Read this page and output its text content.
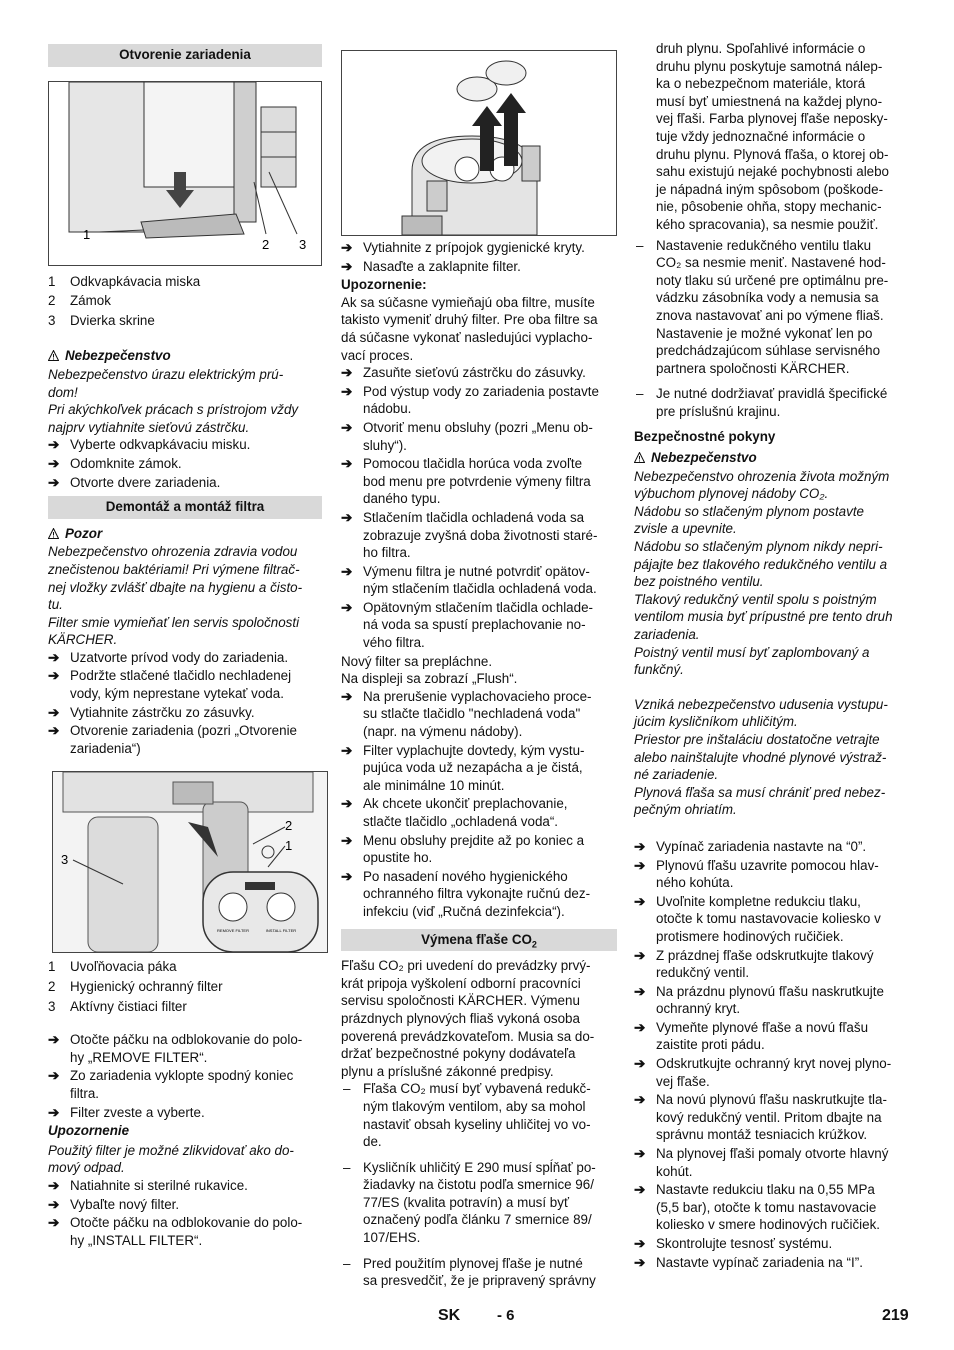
Otvorenie zariadenia
1
2 3
1 Odkvapkávacia miska
2 Zámok
3 Dvierka skrine
Nebezpečenstvo
Nebezpečenstvo úrazu elektrickým prú-
dom!
Pri akýchkoľvek prácach s prístrojom vždy
najprv vytiahnite sieťovú zástrčku.
➔ Vyberte odkvapkávaciu misku.
➔ Odomknite zámok.
➔ Otvorte dvere zariadenia.
Demontáž a montáž filtra
Pozor
Nebezpečenstvo ohrozenia zdravia vodou
znečistenou baktériami! Pri výmene filtrač-
nej vložky zvlášť dbajte na hygienu a čisto-
tu.
Filter smie vymieňať len servis spoločnosti
KÄRCHER.
➔ Uzatvorte prívod vody do zariadenia.
➔ Podržte stlačené tlačidlo nechladenej
vody, kým neprestane vytekať voda.
➔ Vytiahnite zástrčku zo zásuvky.
➔ Otvorenie zariadenia (pozri „Otvorenie
zariadenia“)
3
2
1
REMOVE FILTER	INSTALL FILTER
1 Uvoľňovacia páka
2 Hygienický ochranný filter
3 Aktívny čistiaci filter
➔ Otočte páčku na odblokovanie do polo-
hy „REMOVE FILTER“.
➔ Zo zariadenia vyklopte spodný koniec
filtra.
➔ Filter zveste a vyberte.
Upozornenie
Použitý filter je možné zlikvidovať ako do-
mový odpad.
➔ Natiahnite si sterilné rukavice.
➔ Vybaľte nový filter.
➔ Otočte páčku na odblokovanie do polo-
hy „INSTALL FILTER“.
➔ Vytiahnite z prípojok gygienické kryty.
➔ Nasaďte a zaklapnite filter.
Upozornenie:
Ak sa súčasne vymieňajú oba filtre, musíte
takisto vymeniť druhý filter. Pre oba filtre sa
dá súčasne vykonať nasledujúci vyplacho-
vací proces.
➔ Zasuňte sieťovú zástrčku do zásuvky.
➔ Pod výstup vody zo zariadenia postavte
nádobu.
➔ Otvoriť menu obsluhy (pozri „Menu ob-
sluhy“).
➔ Pomocou tlačidla horúca voda zvoľte
bod menu pre potvrdenie výmeny filtra
daného typu.
➔ Stlačením tlačidla ochladená voda sa
zobrazuje zvyšná doba životnosti staré-
ho filtra.
➔ Výmenu filtra je nutné potvrdiť opätov-
ným stlačením tlačidla ochladená voda.
➔ Opätovným stlačením tlačidla ochlade-
ná voda sa spustí preplachovanie no-
vého filtra.
Nový filter sa prepláchne.
Na displeji sa zobrazí „Flush“.
➔ Na prerušenie vyplachovacieho proce-
su stlačte tlačidlo "nechladená voda"
(napr. na výmenu nádoby).
➔ Filter vyplachujte dovtedy, kým vystu-
pujúca voda už nezapácha a je čistá,
ale minimálne 10 minút.
➔ Ak chcete ukončiť preplachovanie,
stlačte tlačidlo „ochladená voda“.
➔ Menu obsluhy prejdite až po koniec a
opustite ho.
➔ Po nasadení nového hygienického
ochranného filtra vykonajte ručnú dez-
infekciu (viď „Ručná dezinfekcia“).
Výmena fľaše $CO_2$
Fľašu CO₂ pri uvedení do prevádzky prvý-
krát pripoja vyškolení odborní pracovníci
servisu spoločnosti KÄRCHER. Výmenu
prázdnych plynových fliaš vykoná osoba
poverená prevádzkovateľom. Musia sa do-
držať bezpečnostné pokyny dodávateľa
plynu a príslušné zákonné predpisy.
– Fľaša CO₂ musí byť vybavená redukč-
ným tlakovým ventilom, aby sa mohol
nastaviť obsah kyseliny uhličitej vo vo-
de.
– Kysličník uhličitý E 290 musí spĺňať po-
žiadavky na čistotu podľa smernice 96/
77/ES (kvalita potravín) a musí byť
označený podľa článku 7 smernice 89/
107/EHS.
– Pred použitím plynovej fľaše je nutné
sa presvedčiť, že je pripravený správny
druh plynu. Spoľahlivé informácie o
druhu plynu poskytuje samotná nálep-
ka o nebezpečnom materiále, ktorá
musí byť umiestnená na každej plyno-
vej fľaši. Farba plynovej fľaše neposky-
tuje vždy jednoznačné informácie o
druhu plynu. Plynová fľaša, o ktorej ob-
sahu existujú nejaké pochybnosti alebo
je nápadná iným spôsobom (poškode-
nie, pôsobenie ohňa, stopy mechanic-
kého spracovania), sa nesmie použiť.
– Nastavenie redukčného ventilu tlaku
CO₂ sa nesmie meniť. Nastavené hod-
noty tlaku sú určené pre optimálnu pre-
vádzku zásobníka vody a nemusia sa
znova nastavovať ani po výmene fliaš.
Nastavenie je možné vykonať len po
predchádzajúcom súhlase servisného
partnera spoločnosti KÄRCHER.
– Je nutné dodržiavať pravidlá špecifické
pre príslušnú krajinu.
Bezpečnostné pokyny
Nebezpečenstvo
Nebezpečenstvo ohrozenia života možným
výbuchom plynovej nádoby CO₂.
Nádobu so stlačeným plynom postavte
zvisle a upevnite.
Nádobu so stlačeným plynom nikdy nepri-
pájajte bez tlakového redukčného ventilu a
bez poistného ventilu.
Tlakový redukčný ventil spolu s poistným
ventilom musia byť prípustné pre tento druh
zariadenia.
Poistný ventil musí byť zaplombovaný a
funkčný.
Vzniká nebezpečenstvo udusenia vystupu-
júcim kysličníkom uhličitým.
Priestor pre inštaláciu dostatočne vetrajte
alebo nainštalujte vhodné plynové výstraž-
né zariadenie.
Plynová fľaša sa musí chrániť pred nebez-
pečným ohriatím.
➔ Vypínač zariadenia nastavte na “0”.
➔ Plynovú fľašu uzavrite pomocou hlav-
ného kohúta.
➔ Uvoľnite kompletne redukciu tlaku,
otočte k tomu nastavovacie koliesko v
protismere hodinových ručičiek.
➔ Z prázdnej fľaše odskrutkujte tlakový
redukčný ventil.
➔ Na prázdnu plynovú fľašu naskrutkujte
ochranný kryt.
➔ Vymeňte plynové fľaše a novú fľašu
zaistite proti pádu.
➔ Odskrutkujte ochranný kryt novej plyno-
vej fľaše.
➔ Na novú plynovú fľašu naskrutkujte tla-
kový redukčný ventil. Pritom dbajte na
správnu montáž tesniacich krúžkov.
➔ Na plynovej fľaši pomaly otvorte hlavný
kohút.
➔ Nastavte redukciu tlaku na 0,55 MPa
(5,5 bar), otočte k tomu nastavovacie
koliesko v smere hodinových ručičiek.
➔ Skontrolujte tesnosť systému.
➔ Nastavte vypínač zariadenia na “I”.
SK - 6	219
